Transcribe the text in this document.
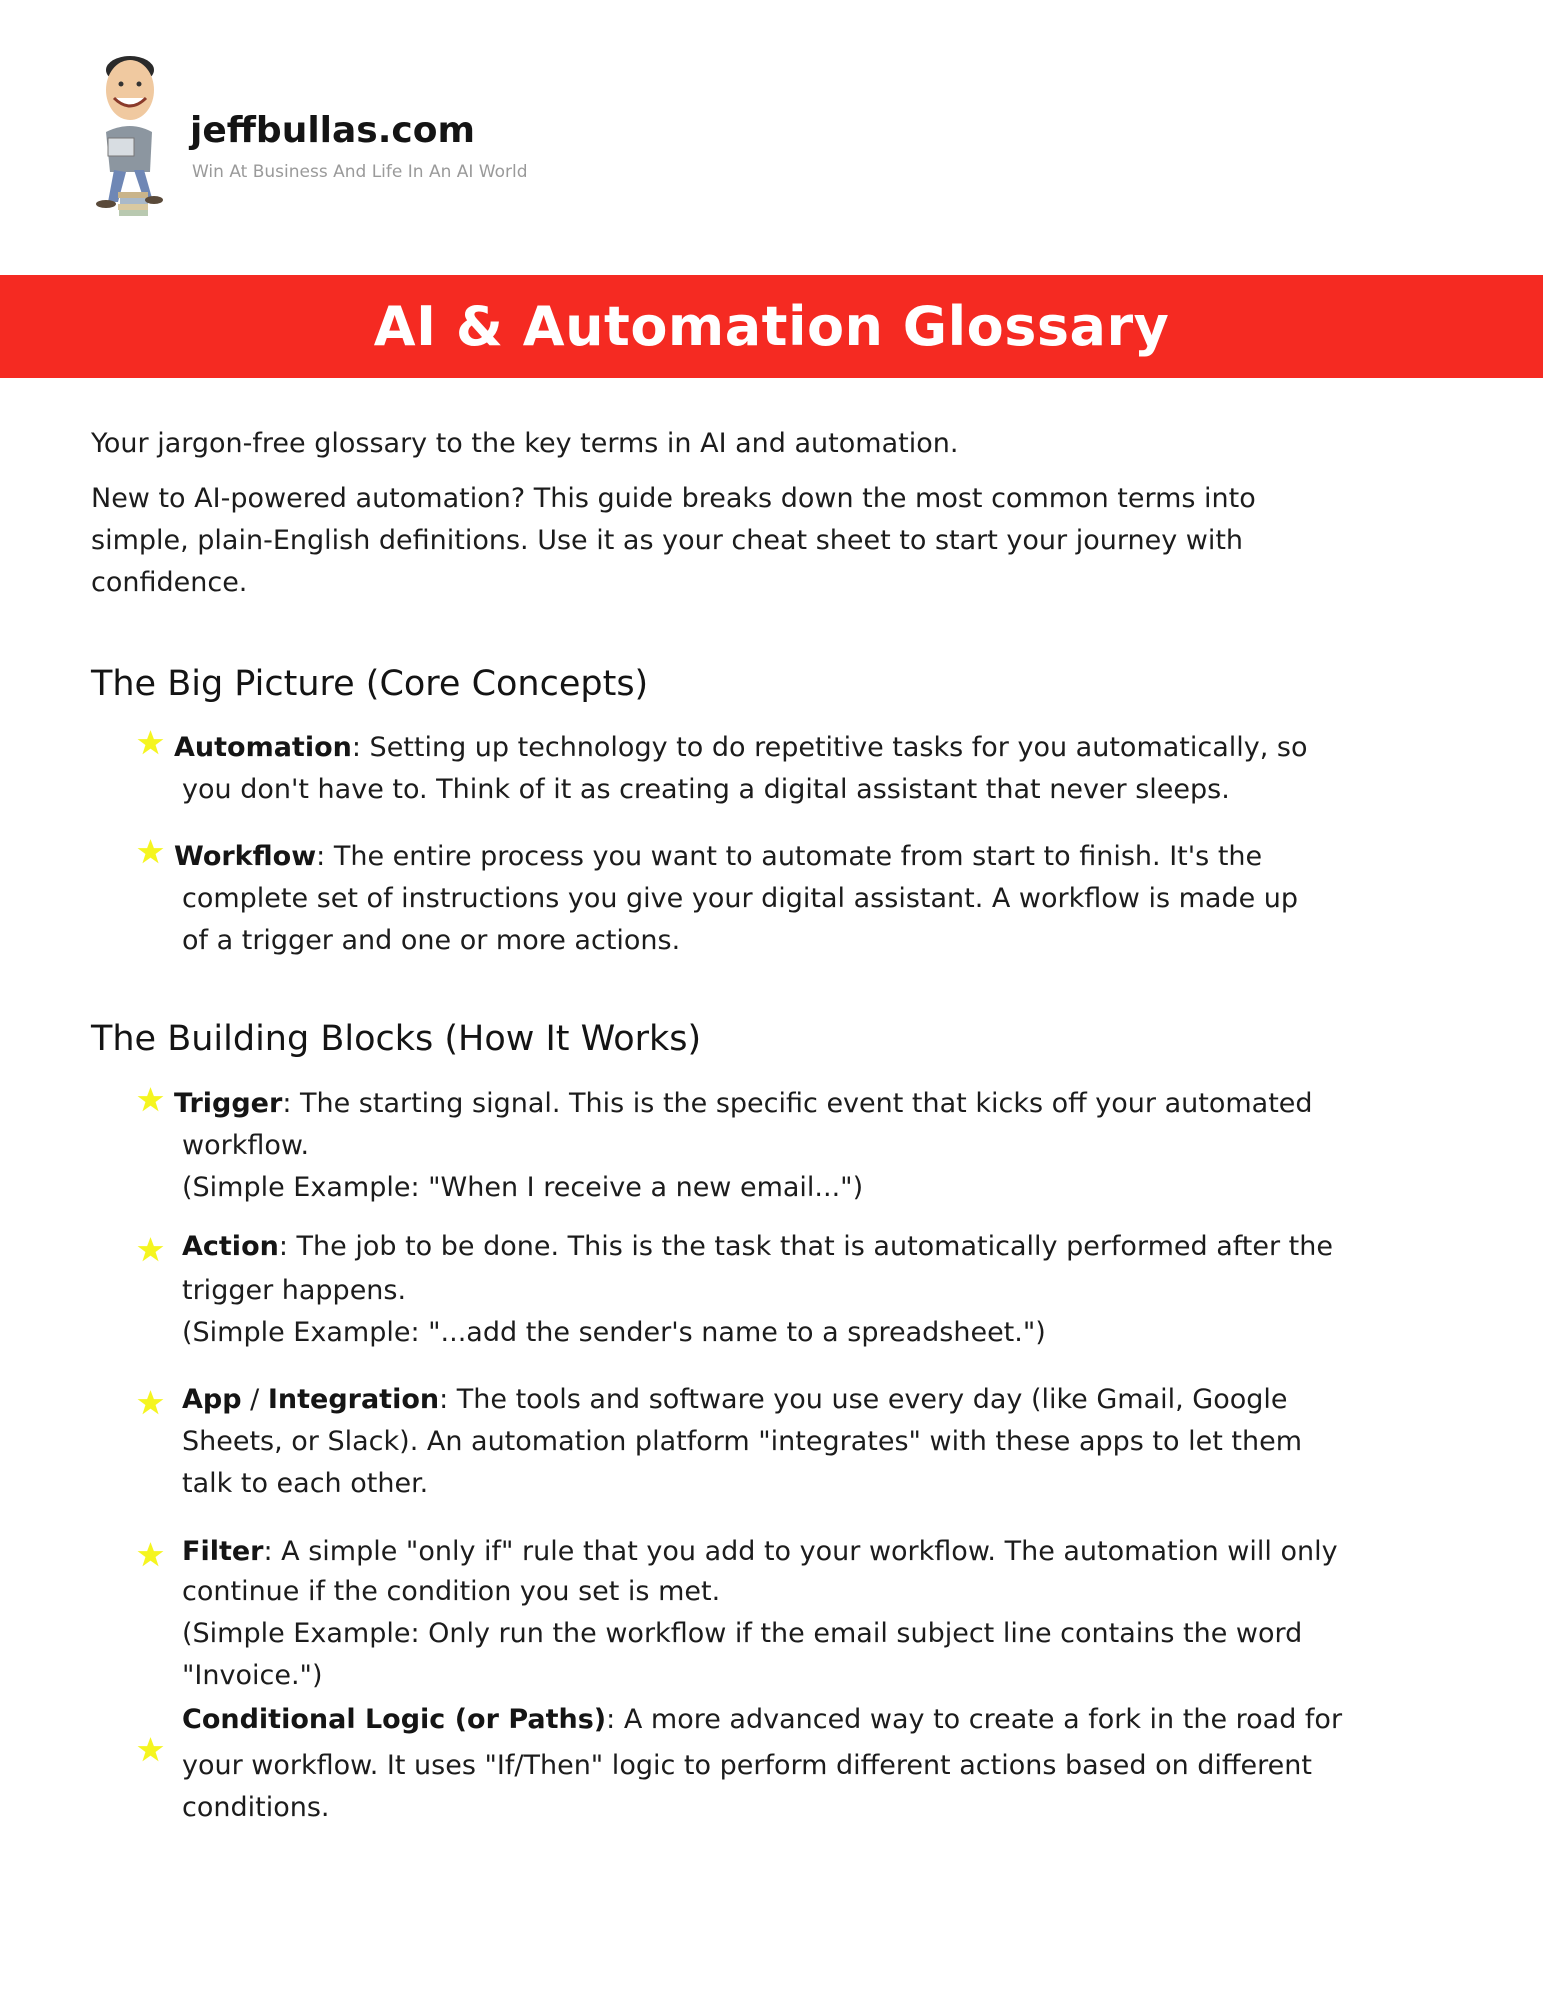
jeffbullas.com
Win At Business And Life In An AI World
AI & Automation Glossary
Your jargon-free glossary to the key terms in AI and automation.
New to AI-powered automation? This guide breaks down the most common terms into
simple, plain-English definitions. Use it as your cheat sheet to start your journey with
confidence.
The Big Picture (Core Concepts)
Automation: Setting up technology to do repetitive tasks for you automatically, so
you don't have to. Think of it as creating a digital assistant that never sleeps.
Workflow: The entire process you want to automate from start to finish. It's the
complete set of instructions you give your digital assistant. A workflow is made up
of a trigger and one or more actions.
The Building Blocks (How It Works)
Trigger: The starting signal. This is the specific event that kicks off your automated
workflow.
(Simple Example: "When I receive a new email...")
Action: The job to be done. This is the task that is automatically performed after the
trigger happens.
(Simple Example: "...add the sender's name to a spreadsheet.")
App / Integration: The tools and software you use every day (like Gmail, Google
Sheets, or Slack). An automation platform "integrates" with these apps to let them
talk to each other.
Filter: A simple "only if" rule that you add to your workflow. The automation will only
continue if the condition you set is met.
(Simple Example: Only run the workflow if the email subject line contains the word
"Invoice.")
Conditional Logic (or Paths): A more advanced way to create a fork in the road for
your workflow. It uses "If/Then" logic to perform different actions based on different
conditions.
